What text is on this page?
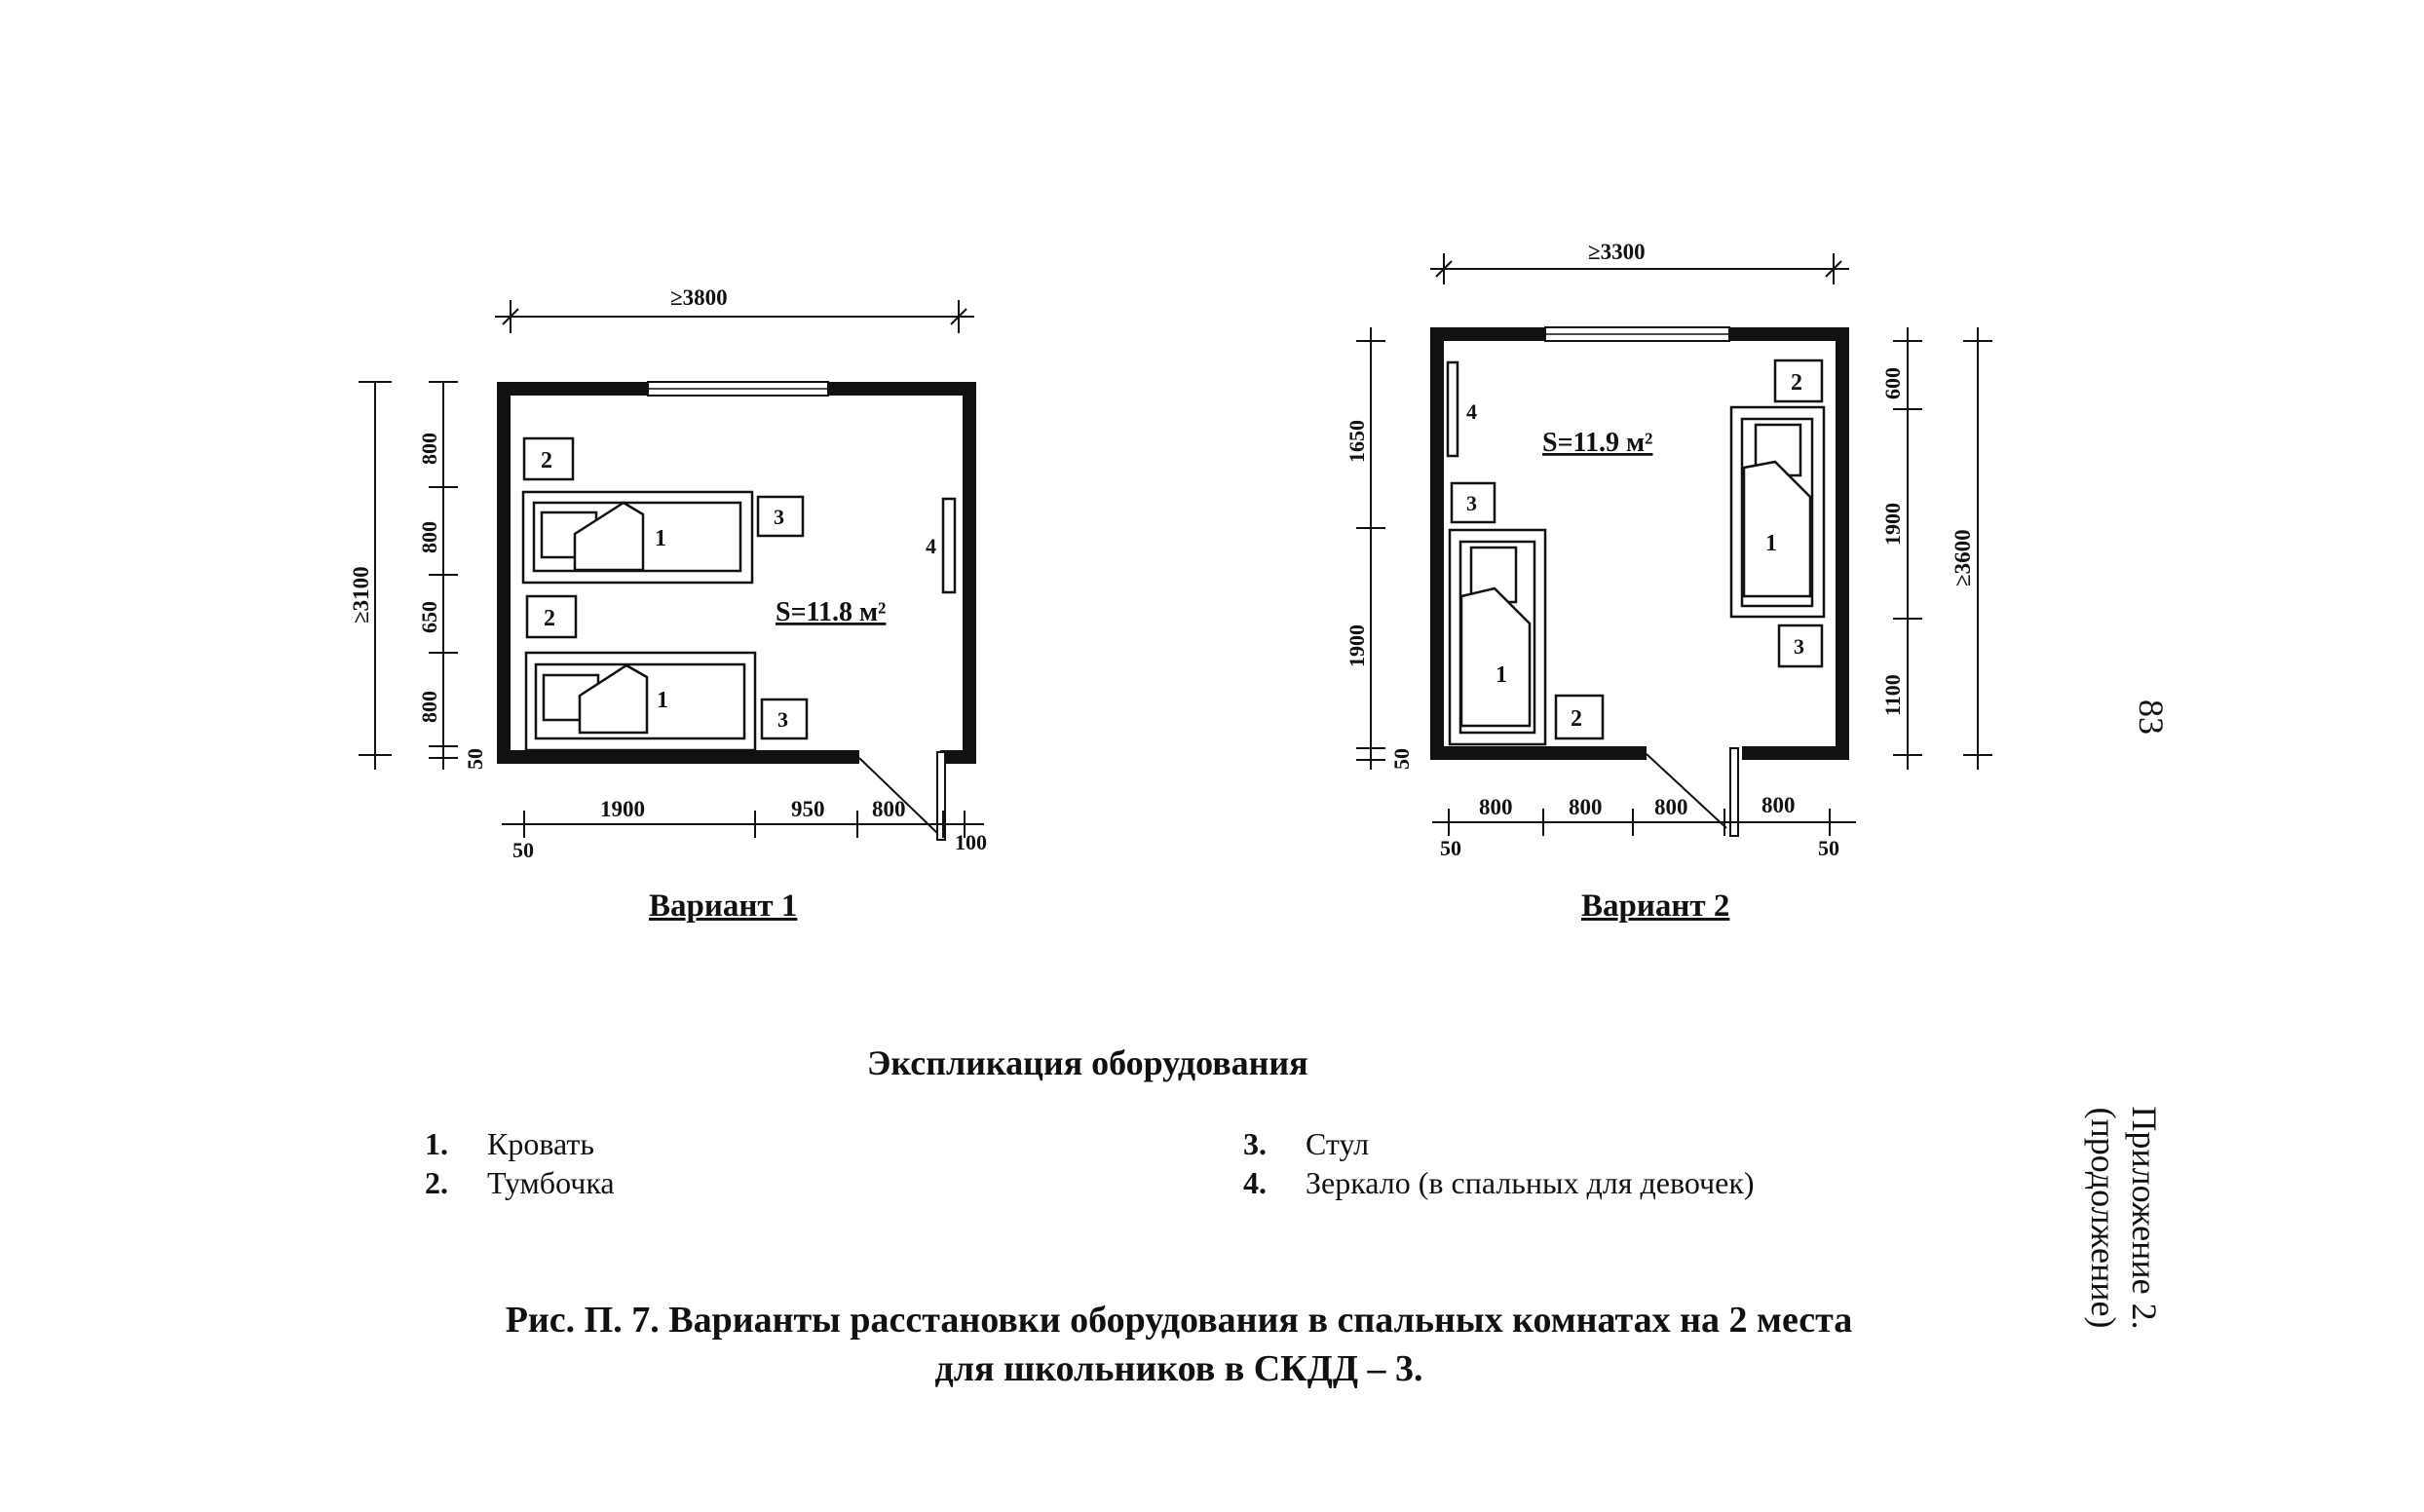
4
1
1
2
2
3
3
S=11.8 м²
≥3800
≥3100
800
800
650
800
50
1900	950 800
50	100
4
1
1
2
2
3
3
S=11.9 м²
≥3300
1650
1900
50
600
1900
1100
≥3600
800	800 800	800
50	50
Вариант 1	Вариант 2
Экспликация оборудования
1. Кровать
2. Тумбочка
3. Стул
4. Зеркало (в спальных для девочек)
Рис. П. 7. Варианты расстановки оборудования в спальных комнатах на 2 места
для школьников в СКДД – 3.
Приложение 2.
(продолжение)
83
